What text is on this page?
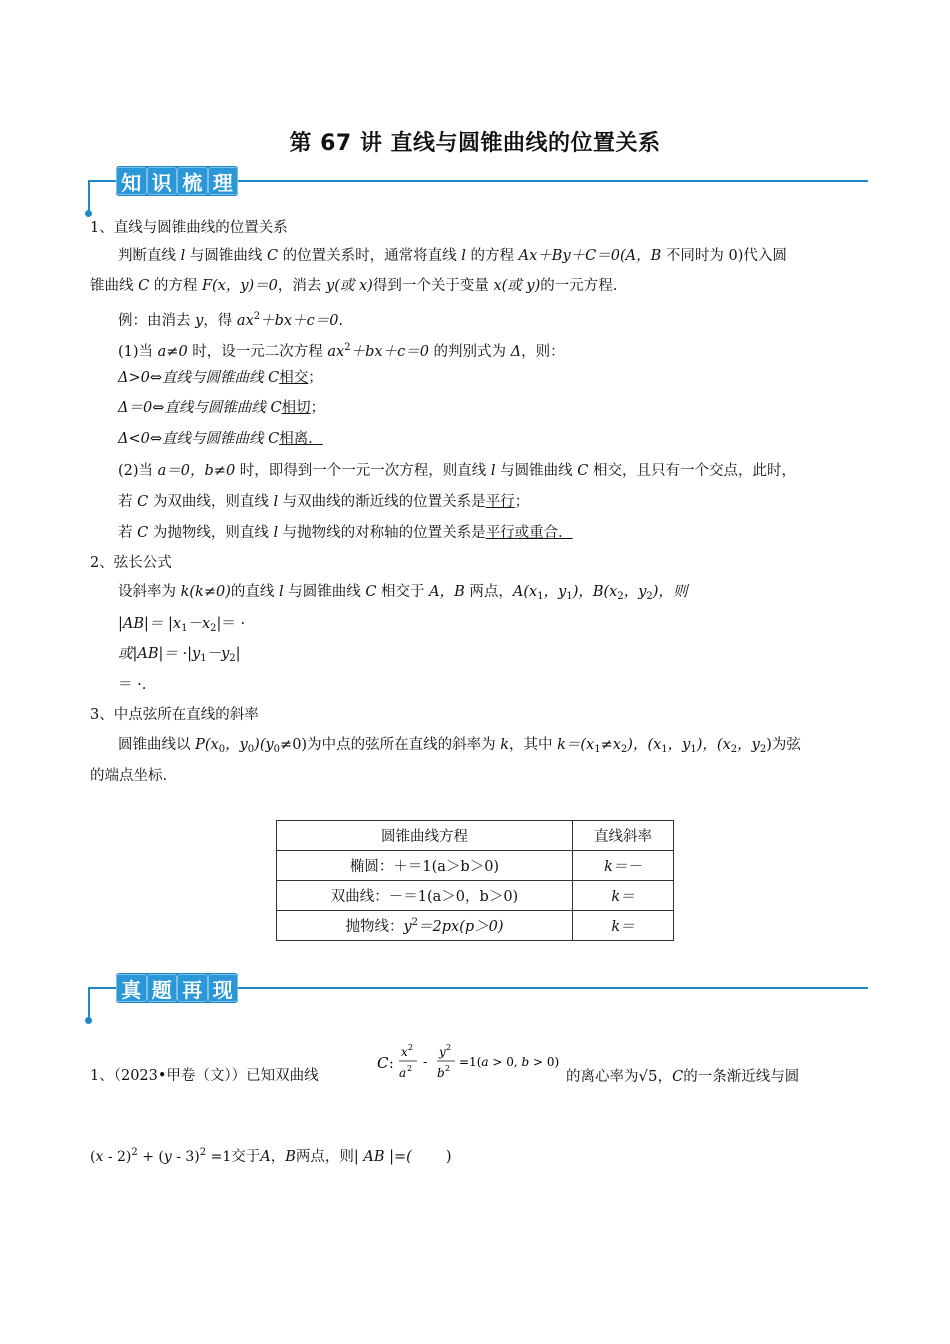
第 67 讲 直线与圆锥曲线的位置关系
知 识 梳 理
1、直线与圆锥曲线的位置关系
判断直线 l 与圆锥曲线 C 的位置关系时，通常将直线 l 的方程 Ax＋By＋C＝0(A，B 不同时为 0)代入圆
锥曲线 C 的方程 F(x，y)＝0，消去 y(或 x)得到一个关于变量 x(或 y)的一元方程.
例：由消去 y，得 $ax^2+bx+c=0$.
(1)当 a≠0 时，设一元二次方程 $ax^2+bx+c=0$ 的判别式为 Δ，则：
Δ>0⇔直线与圆锥曲线 C相交；
Δ＝0⇔直线与圆锥曲线 C相切；
Δ<0⇔直线与圆锥曲线 C相离．
(2)当 a＝0，b≠0 时，即得到一个一元一次方程，则直线 l 与圆锥曲线 C 相交，且只有一个交点，此时，
若 C 为双曲线，则直线 l 与双曲线的渐近线的位置关系是平行；
若 C 为抛物线，则直线 l 与抛物线的对称轴的位置关系是平行或重合．
2、弦长公式
设斜率为 k(k≠0)的直线 l 与圆锥曲线 C 相交于 A，B 两点，$A(x_1$，$y_1$)，$B(x_2$，$y_2$)，则
$|AB|= |x_1-x_2|=$ ·
或$|AB|= \cdot|y_1-y_2|$
＝ ·.
3、中点弦所在直线的斜率
圆锥曲线以 $P(x_0$，$y_0)(y_0\ne 0)$为中点的弦所在直线的斜率为 k，其中 $k=(x_1\ne x_2)$，($x_1$，$y_1$)，($x_2$，$y_2$)为弦
的端点坐标.
圆锥曲线方程	直线斜率
椭圆：＋＝1(a＞b＞0)	k＝－
双曲线：－＝1(a＞0，b＞0)	k＝
抛物线：$y^2=2px(p>0)$	k＝
真 题 再 现
1、（2023•甲卷（文））已知双曲线
C :
x 2
a 2 -
y 2
b 2 =1(a > 0, b > 0)
的离心率为√5，C的一条渐近线与圆
(x - 2)$^2$ + (y - 3)$^2$ =1交于A，B两点，则| AB |=( )
